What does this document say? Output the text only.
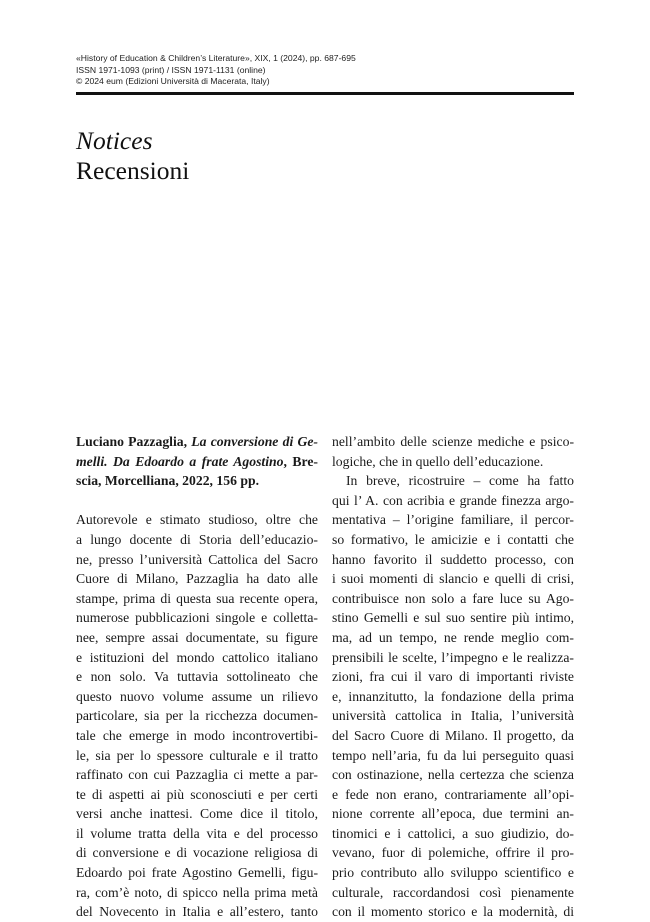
«History of Education & Children’s Literature», XIX, 1 (2024), pp. 687-695
ISSN 1971-1093 (print) / ISSN 1971-1131 (online)
© 2024 eum (Edizioni Università di Macerata, Italy)
Notices
Recensioni
Luciano Pazzaglia, La conversione di Ge-
melli. Da Edoardo a frate Agostino, Bre-
scia, Morcelliana, 2022, 156 pp.
Autorevole e stimato studioso, oltre che
a lungo docente di Storia dell’educazio-
ne, presso l’università Cattolica del Sacro
Cuore di Milano, Pazzaglia ha dato alle
stampe, prima di questa sua recente opera,
numerose pubblicazioni singole e colletta-
nee, sempre assai documentate, su figure
e istituzioni del mondo cattolico italiano
e non solo. Va tuttavia sottolineato che
questo nuovo volume assume un rilievo
particolare, sia per la ricchezza documen-
tale che emerge in modo incontrovertibi-
le, sia per lo spessore culturale e il tratto
raffinato con cui Pazzaglia ci mette a par-
te di aspetti ai più sconosciuti e per certi
versi anche inattesi. Come dice il titolo,
il volume tratta della vita e del processo
di conversione e di vocazione religiosa di
Edoardo poi frate Agostino Gemelli, figu-
ra, com’è noto, di spicco nella prima metà
del Novecento in Italia e all’estero, tanto
nell’ambito delle scienze mediche e psico-
logiche, che in quello dell’educazione.
In breve, ricostruire – come ha fatto
qui l’ A. con acribia e grande finezza argo-
mentativa – l’origine familiare, il percor-
so formativo, le amicizie e i contatti che
hanno favorito il suddetto processo, con
i suoi momenti di slancio e quelli di crisi,
contribuisce non solo a fare luce su Ago-
stino Gemelli e sul suo sentire più intimo,
ma, ad un tempo, ne rende meglio com-
prensibili le scelte, l’impegno e le realizza-
zioni, fra cui il varo di importanti riviste
e, innanzitutto, la fondazione della prima
università cattolica in Italia, l’università
del Sacro Cuore di Milano. Il progetto, da
tempo nell’aria, fu da lui perseguito quasi
con ostinazione, nella certezza che scienza
e fede non erano, contrariamente all’opi-
nione corrente all’epoca, due termini an-
tinomici e i cattolici, a suo giudizio, do-
vevano, fuor di polemiche, offrire il pro-
prio contributo allo sviluppo scientifico e
culturale, raccordandosi così pienamente
con il momento storico e la modernità, di
